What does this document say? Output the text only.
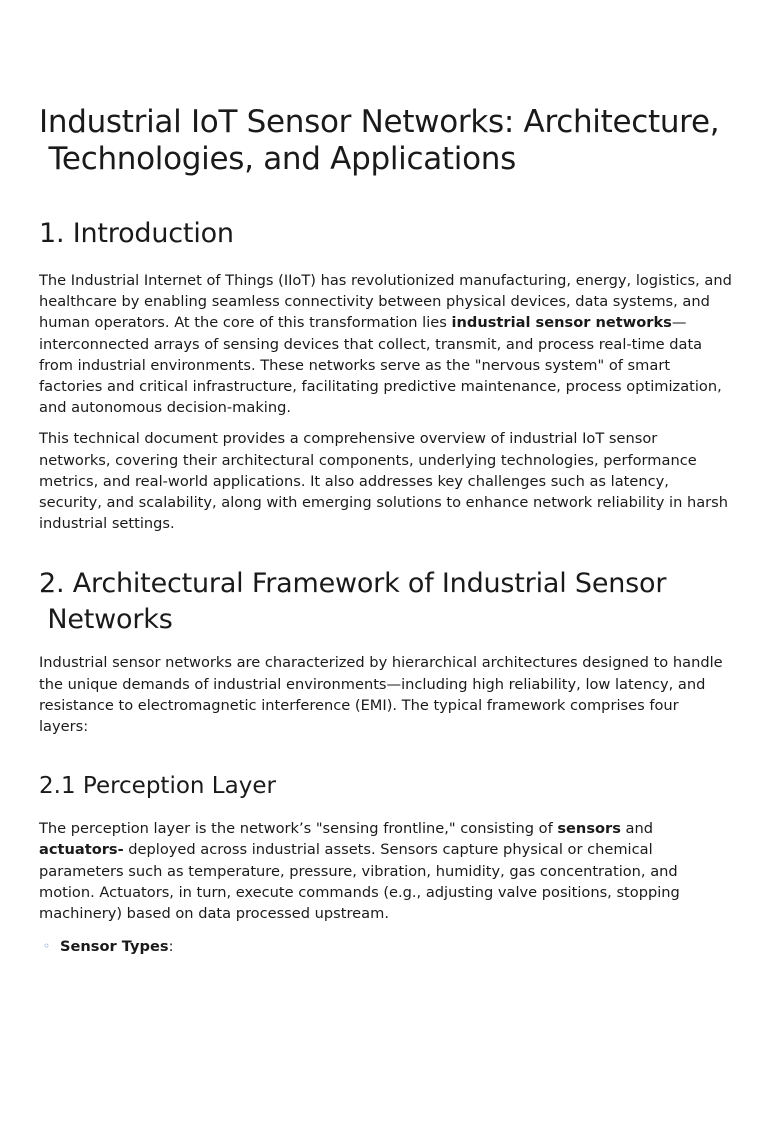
Industrial IoT Sensor Networks: Architecture,
Technologies, and Applications
1. Introduction

The Industrial Internet of Things (IIoT) has revolutionized manufacturing, energy, logistics, and healthcare by enabling seamless connectivity between physical devices, data systems, and human operators. At the core of this transformation lies industrial sensor networks—interconnected arrays of sensing devices that collect, transmit, and process real-time data from industrial environments. These networks serve as the "nervous system" of smart factories and critical infrastructure, facilitating predictive maintenance, process optimization, and autonomous decision-making.

This technical document provides a comprehensive overview of industrial IoT sensor networks, covering their architectural components, underlying technologies, performance metrics, and real-world applications. It also addresses key challenges such as latency, security, and scalability, along with emerging solutions to enhance network reliability in harsh industrial settings.

2. Architectural Framework of Industrial Sensor
Networks

Industrial sensor networks are characterized by hierarchical architectures designed to handle the unique demands of industrial environments—including high reliability, low latency, and resistance to electromagnetic interference (EMI). The typical framework comprises four layers:

2.1 Perception Layer

The perception layer is the network’s "sensing frontline," consisting of sensors and actuators- deployed across industrial assets. Sensors capture physical or chemical parameters such as temperature, pressure, vibration, humidity, gas concentration, and motion. Actuators, in turn, execute commands (e.g., adjusting valve positions, stopping machinery) based on data processed upstream.

◦ Sensor Types:
